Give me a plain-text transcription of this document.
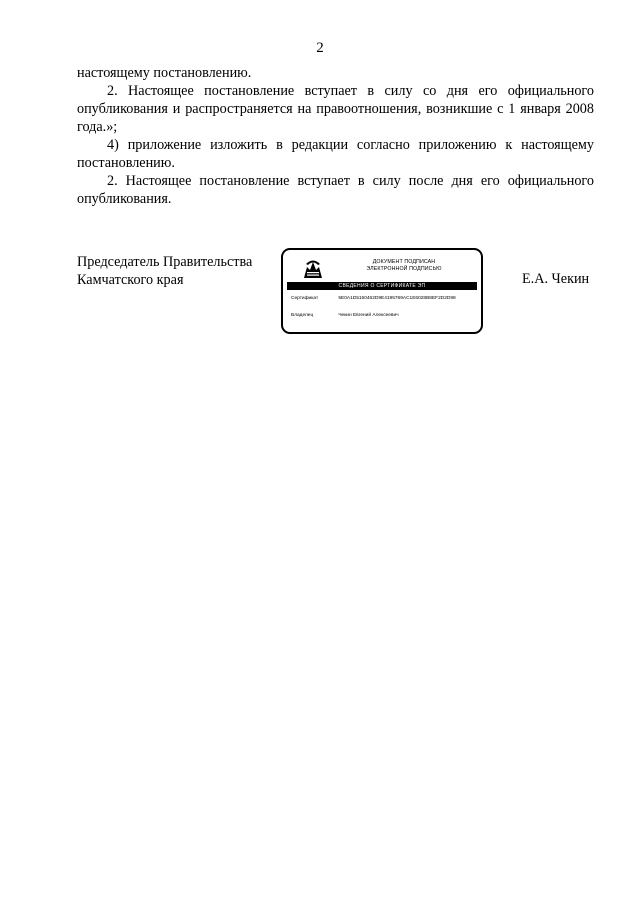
2

настоящему постановлению.

2. Настоящее постановление вступает в силу со дня его официального опубликования и распространяется на правоотношения, возникшие с 1 января 2008 года.»;

4) приложение изложить в редакции согласно приложению к настоящему постановлению.

2. Настоящее постановление вступает в силу после дня его официального опубликования.

Председатель Правительства
Камчатского края
ДОКУМЕНТ ПОДПИСАН
ЭЛЕКТРОННОЙ ПОДПИСЬЮ
СВЕДЕНИЯ О СЕРТИФИКАТЕ ЭП
Сертификат	5E0A1D5150462D9E4195769AC1E6028B8EF2D2D98
Владелец	Чекин Евгений Алексеевич
Е.А. Чекин
